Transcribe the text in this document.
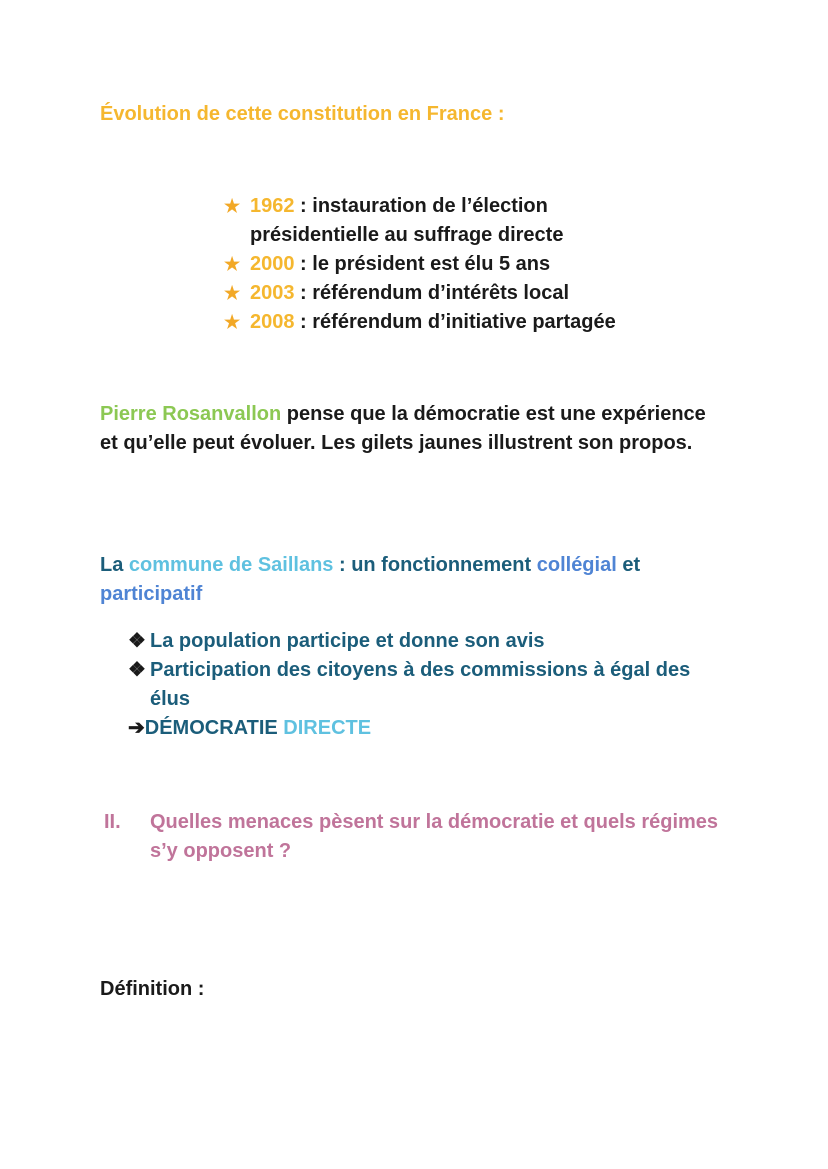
Évolution de cette constitution en France :
★ 1962 : instauration de l’élection
présidentielle au suffrage directe
★ 2000 : le président est élu 5 ans
★ 2003 : référendum d’intérêts local
★ 2008 : référendum d’initiative partagée
Pierre Rosanvallon pense que la démocratie est une expérience et qu’elle peut évoluer. Les gilets jaunes illustrent son propos.
La commune de Saillans : un fonctionnement collégial et
participatif
❖ La population participe et donne son avis
❖ Participation des citoyens à des commissions à égal des élus
➔DÉMOCRATIE DIRECTE
II.	Quelles menaces pèsent sur la démocratie et quels régimes s’y opposent ?
Définition :
